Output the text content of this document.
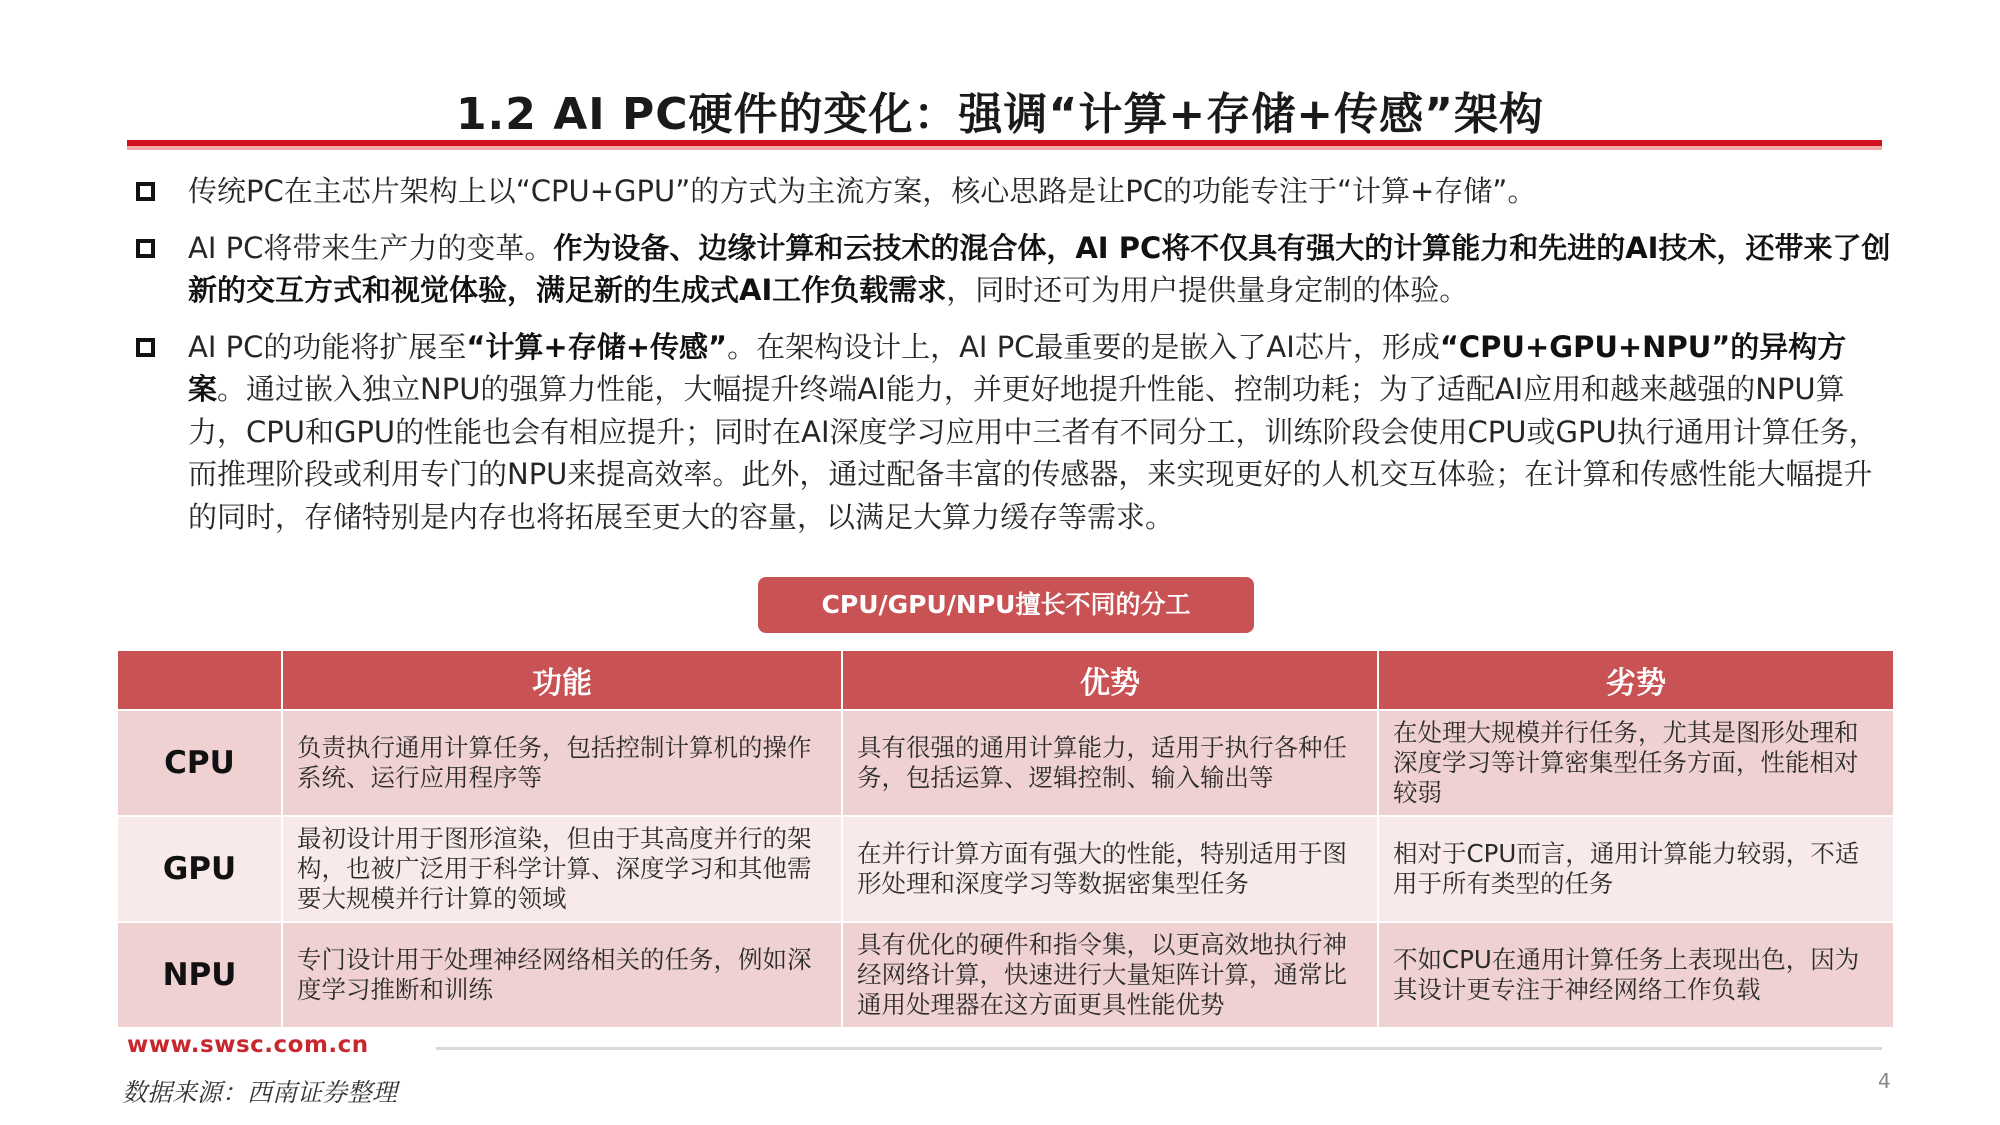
1.2 AI PC硬件的变化：强调“计算+存储+传感”架构
传统PC在主芯片架构上以“CPU+GPU”的方式为主流方案，核心思路是让PC的功能专注于“计算+存储”。
AI PC将带来生产力的变革。作为设备、边缘计算和云技术的混合体，AI PC将不仅具有强大的计算能力和先进的AI技术，还带来了创新的交互方式和视觉体验，满足新的生成式AI工作负载需求，同时还可为用户提供量身定制的体验。
AI PC的功能将扩展至“计算+存储+传感”。在架构设计上，AI PC最重要的是嵌入了AI芯片，形成“CPU+GPU+NPU”的异构方案。通过嵌入独立NPU的强算力性能，大幅提升终端AI能力，并更好地提升性能、控制功耗；为了适配AI应用和越来越强的NPU算力，CPU和GPU的性能也会有相应提升；同时在AI深度学习应用中三者有不同分工，训练阶段会使用CPU或GPU执行通用计算任务，而推理阶段或利用专门的NPU来提高效率。此外，通过配备丰富的传感器，来实现更好的人机交互体验；在计算和传感性能大幅提升的同时，存储特别是内存也将拓展至更大的容量，以满足大算力缓存等需求。
CPU/GPU/NPU擅长不同的分工
	功能	优势	劣势
CPU	负责执行通用计算任务，包括控制计算机的操作系统、运行应用程序等	具有很强的通用计算能力，适用于执行各种任务，包括运算、逻辑控制、输入输出等	在处理大规模并行任务，尤其是图形处理和深度学习等计算密集型任务方面，性能相对较弱
GPU	最初设计用于图形渲染，但由于其高度并行的架构，也被广泛用于科学计算、深度学习和其他需要大规模并行计算的领域	在并行计算方面有强大的性能，特别适用于图形处理和深度学习等数据密集型任务	相对于CPU而言，通用计算能力较弱，不适用于所有类型的任务
NPU	专门设计用于处理神经网络相关的任务，例如深度学习推断和训练	具有优化的硬件和指令集，以更高效地执行神经网络计算，快速进行大量矩阵计算，通常比通用处理器在这方面更具性能优势	不如CPU在通用计算任务上表现出色，因为其设计更专注于神经网络工作负载
www.swsc.com.cn
数据来源：西南证券整理	4
